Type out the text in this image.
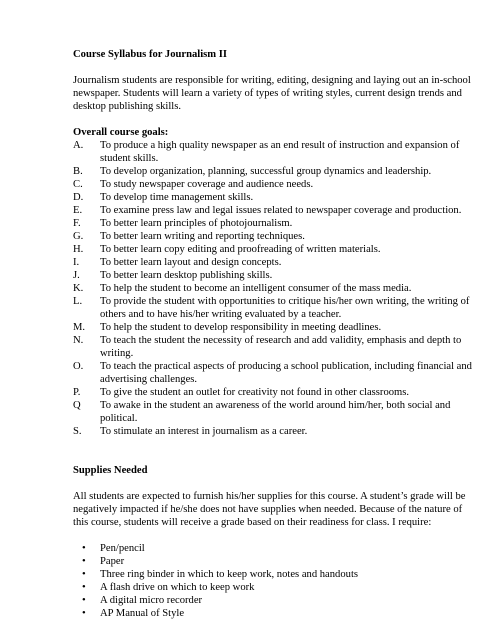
Course Syllabus for Journalism II

Journalism students are responsible for writing, editing, designing and laying out an in-school newspaper. Students will learn a variety of types of writing styles, current design trends and desktop publishing skills.

Overall course goals:

A. To produce a high quality newspaper as an end result of instruction and expansion of student skills.
B. To develop organization, planning, successful group dynamics and leadership.
C. To study newspaper coverage and audience needs.
D. To develop time management skills.
E. To examine press law and legal issues related to newspaper coverage and production.
F. To better learn principles of photojournalism.
G. To better learn writing and reporting techniques.
H. To better learn copy editing and proofreading of written materials.
I. To better learn layout and design concepts.
J. To better learn desktop publishing skills.
K. To help the student to become an intelligent consumer of the mass media.
L. To provide the student with opportunities to critique his/her own writing, the writing of others and to have his/her writing evaluated by a teacher.
M. To help the student to develop responsibility in meeting deadlines.
N. To teach the student the necessity of research and add validity, emphasis and depth to writing.
O. To teach the practical aspects of producing a school publication, including financial and advertising challenges.
P. To give the student an outlet for creativity not found in other classrooms.
Q To awake in the student an awareness of the world around him/her, both social and political.
S. To stimulate an interest in journalism as a career.

Supplies Needed

All students are expected to furnish his/her supplies for this course. A student’s grade will be negatively impacted if he/she does not have supplies when needed. Because of the nature of this course, students will receive a grade based on their readiness for class. I require:

• Pen/pencil
• Paper
• Three ring binder in which to keep work, notes and handouts
• A flash drive on which to keep work
• A digital micro recorder
• AP Manual of Style
